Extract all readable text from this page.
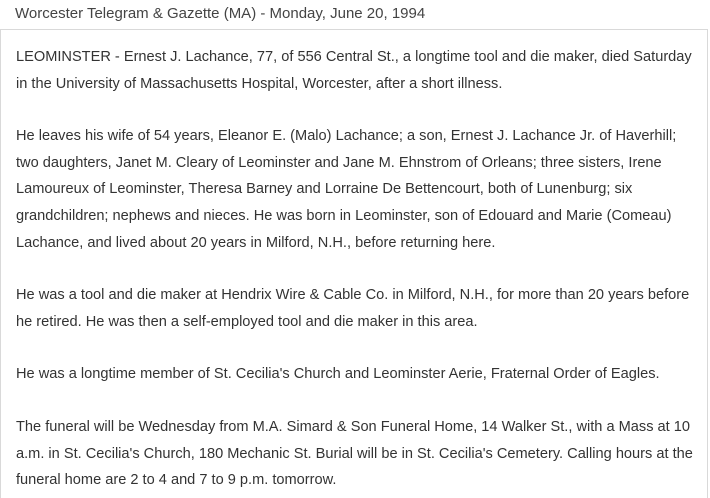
Worcester Telegram & Gazette (MA) - Monday, June 20, 1994

LEOMINSTER - Ernest J. Lachance, 77, of 556 Central St., a longtime tool and die maker, died Saturday in the University of Massachusetts Hospital, Worcester, after a short illness.

He leaves his wife of 54 years, Eleanor E. (Malo) Lachance; a son, Ernest J. Lachance Jr. of Haverhill; two daughters, Janet M. Cleary of Leominster and Jane M. Ehnstrom of Orleans; three sisters, Irene Lamoureux of Leominster, Theresa Barney and Lorraine De Bettencourt, both of Lunenburg; six grandchildren; nephews and nieces. He was born in Leominster, son of Edouard and Marie (Comeau) Lachance, and lived about 20 years in Milford, N.H., before returning here.

He was a tool and die maker at Hendrix Wire & Cable Co. in Milford, N.H., for more than 20 years before he retired. He was then a self-employed tool and die maker in this area.

He was a longtime member of St. Cecilia's Church and Leominster Aerie, Fraternal Order of Eagles.

The funeral will be Wednesday from M.A. Simard & Son Funeral Home, 14 Walker St., with a Mass at 10 a.m. in St. Cecilia's Church, 180 Mechanic St. Burial will be in St. Cecilia's Cemetery. Calling hours at the funeral home are 2 to 4 and 7 to 9 p.m. tomorrow.
